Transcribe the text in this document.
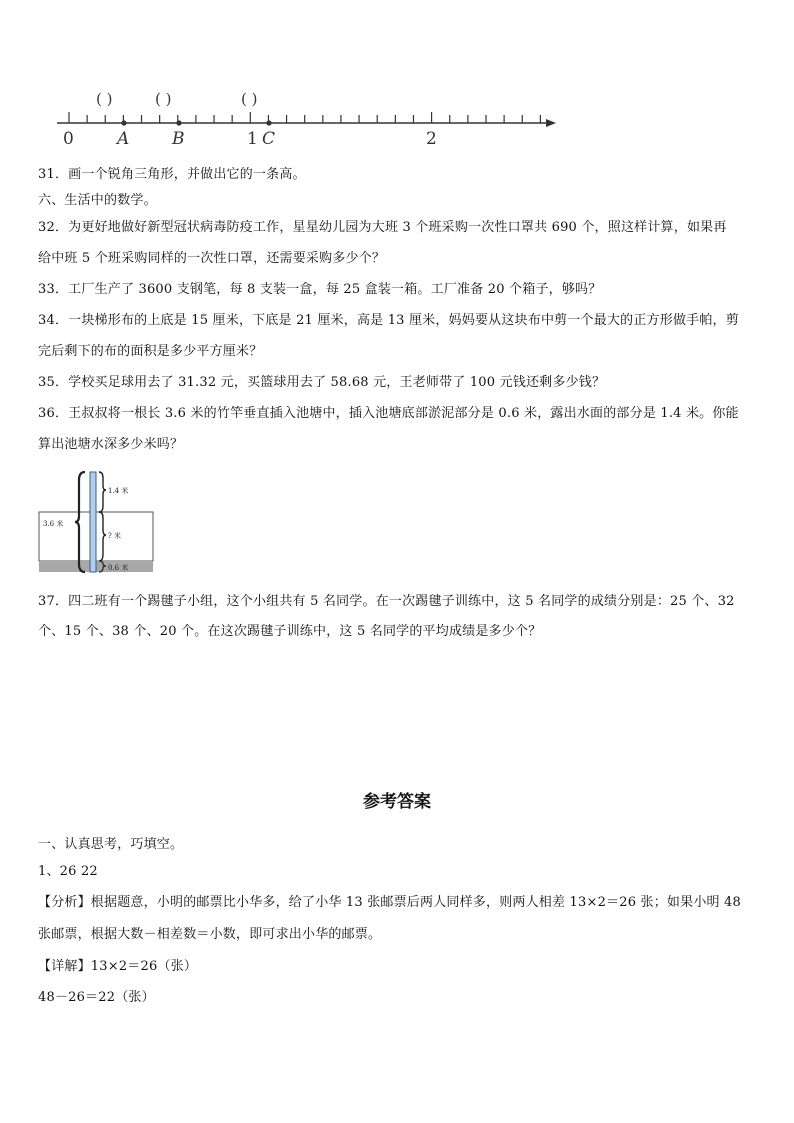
( )	( )	( )
0	A	B	1 C	2
31．画一个锐角三角形，并做出它的一条高。
六、生活中的数学。
32．为更好地做好新型冠状病毒防疫工作，星星幼儿园为大班 3 个班采购一次性口罩共 690 个，照这样计算，如果再
给中班 5 个班采购同样的一次性口罩，还需要采购多少个？
33．工厂生产了 3600 支钢笔，每 8 支装一盒，每 25 盒装一箱。工厂准备 20 个箱子，够吗？
34．一块梯形布的上底是 15 厘米，下底是 21 厘米，高是 13 厘米，妈妈要从这块布中剪一个最大的正方形做手帕，剪
完后剩下的布的面积是多少平方厘米？
35．学校买足球用去了 31.32 元，买篮球用去了 58.68 元，王老师带了 100 元钱还剩多少钱？
36．王叔叔将一根长 3.6 米的竹竿垂直插入池塘中，插入池塘底部淤泥部分是 0.6 米，露出水面的部分是 1.4 米。你能
算出池塘水深多少米吗？
3.6 米
1.4 米
? 米
0.6 米
37．四二班有一个踢毽子小组，这个小组共有 5 名同学。在一次踢毽子训练中，这 5 名同学的成绩分别是：25 个、32
个、15 个、38 个、20 个。在这次踢毽子训练中，这 5 名同学的平均成绩是多少个？
参考答案
一、认真思考，巧填空。
1、26 22
【分析】根据题意，小明的邮票比小华多，给了小华 13 张邮票后两人同样多，则两人相差 13×2＝26 张；如果小明 48
张邮票，根据大数－相差数＝小数，即可求出小华的邮票。
【详解】13×2＝26（张）
48－26＝22（张）
